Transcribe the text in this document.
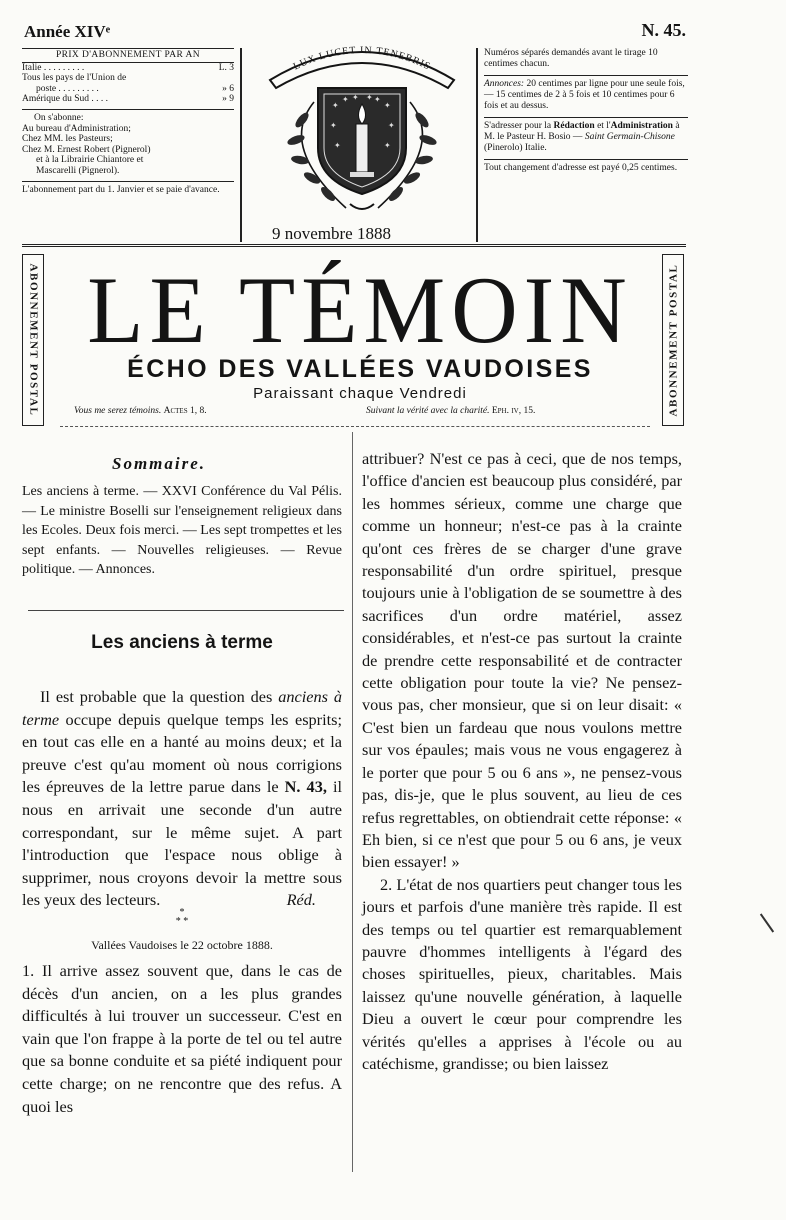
Année XIVᵉ	N. 45.
PRIX D'ABONNEMENT PAR AN
Italie . . . . . . . . .	L. 3
Tous les pays de l'Union de
poste . . . . . . . . .	» 6
Amérique du Sud . . . .	» 9
On s'abonne:
Au bureau d'Administration;
Chez MM. les Pasteurs;
Chez M. Ernest Robert (Pignerol)
et à la Librairie Chiantore et
Mascarelli (Pignerol).
L'abonnement part du 1. Janvier et se paie d'avance.
LUX LUCET IN TENEBRIS
✦
✦	✦
✦
✦	✦
✦	✦
✦ ✦
9 novembre 1888

Numéros séparés demandés avant le tirage 10 centimes chacun.

Annonces: 20 centimes par ligne pour une seule fois, — 15 centimes de 2 à 5 fois et 10 centimes pour 6 fois et au dessus.

S'adresser pour la Rédaction et l'Administration à M. le Pasteur H. Bosio — Saint Germain-Chisone (Pinerolo) Italie.

Tout changement d'adresse est payé 0,25 centimes.

ABONNEMENT POSTAL	ABONNEMENT POSTAL
LE TÉMOIN
ÉCHO DES VALLÉES VAUDOISES
Paraissant chaque Vendredi
Vous me serez témoins. Actes 1, 8.	Suivant la vérité avec la charité. Eph. iv, 15.
Sommaire.
Les anciens à terme. — XXVI Conférence du Val Pélis. — Le ministre Boselli sur l'enseignement religieux dans les Ecoles. Deux fois merci. — Les sept trompettes et les sept enfants. — Nouvelles religieuses. — Revue politique. — Annonces.
Les anciens à terme

Il est probable que la question des anciens à terme occupe depuis quelque temps les esprits; en tout cas elle en a hanté au moins deux; et la preuve c'est qu'au moment où nous corrigions les épreuves de la lettre parue dans le N. 43, il nous en arrivait une seconde d'un autre correspondant, sur le même sujet. A part l'introduction que l'espace nous oblige à supprimer, nous croyons devoir la mettre sous les yeux des lecteurs.	Réd.

*
* *
Vallées Vaudoises le 22 octobre 1888.

1. Il arrive assez souvent que, dans le cas de décès d'un ancien, on a les plus grandes difficultés à lui trouver un successeur. C'est en vain que l'on frappe à la porte de tel ou tel autre que sa bonne conduite et sa piété indiquent pour cette charge; on ne rencontre que des refus. A quoi les

attribuer? N'est ce pas à ceci, que de nos temps, l'office d'ancien est beaucoup plus considéré, par les hommes sérieux, comme une charge que comme un honneur; n'est-ce pas à la crainte qu'ont ces frères de se charger d'une grave responsabilité d'un ordre spirituel, presque toujours unie à l'obligation de se soumettre à des sacrifices d'un ordre matériel, assez considérables, et n'est-ce pas surtout la crainte de prendre cette responsabilité et de contracter cette obligation pour toute la vie? Ne pensez-vous pas, cher monsieur, que si on leur disait: « C'est bien un fardeau que nous voulons mettre sur vos épaules; mais vous ne vous engagerez à le porter que pour 5 ou 6 ans », ne pensez-vous pas, dis-je, que le plus souvent, au lieu de ces refus regrettables, on obtiendrait cette réponse: « Eh bien, si ce n'est que pour 5 ou 6 ans, je veux bien essayer! »

2. L'état de nos quartiers peut changer tous les jours et parfois d'une manière très rapide. Il est des temps ou tel quartier est remarquablement pauvre d'hommes intelligents à l'égard des choses spirituelles, pieux, charitables. Mais laissez qu'une nouvelle génération, à laquelle Dieu a ouvert le cœur pour comprendre les vérités qu'elles a apprises à l'école ou au catéchisme, grandisse; ou bien laissez
